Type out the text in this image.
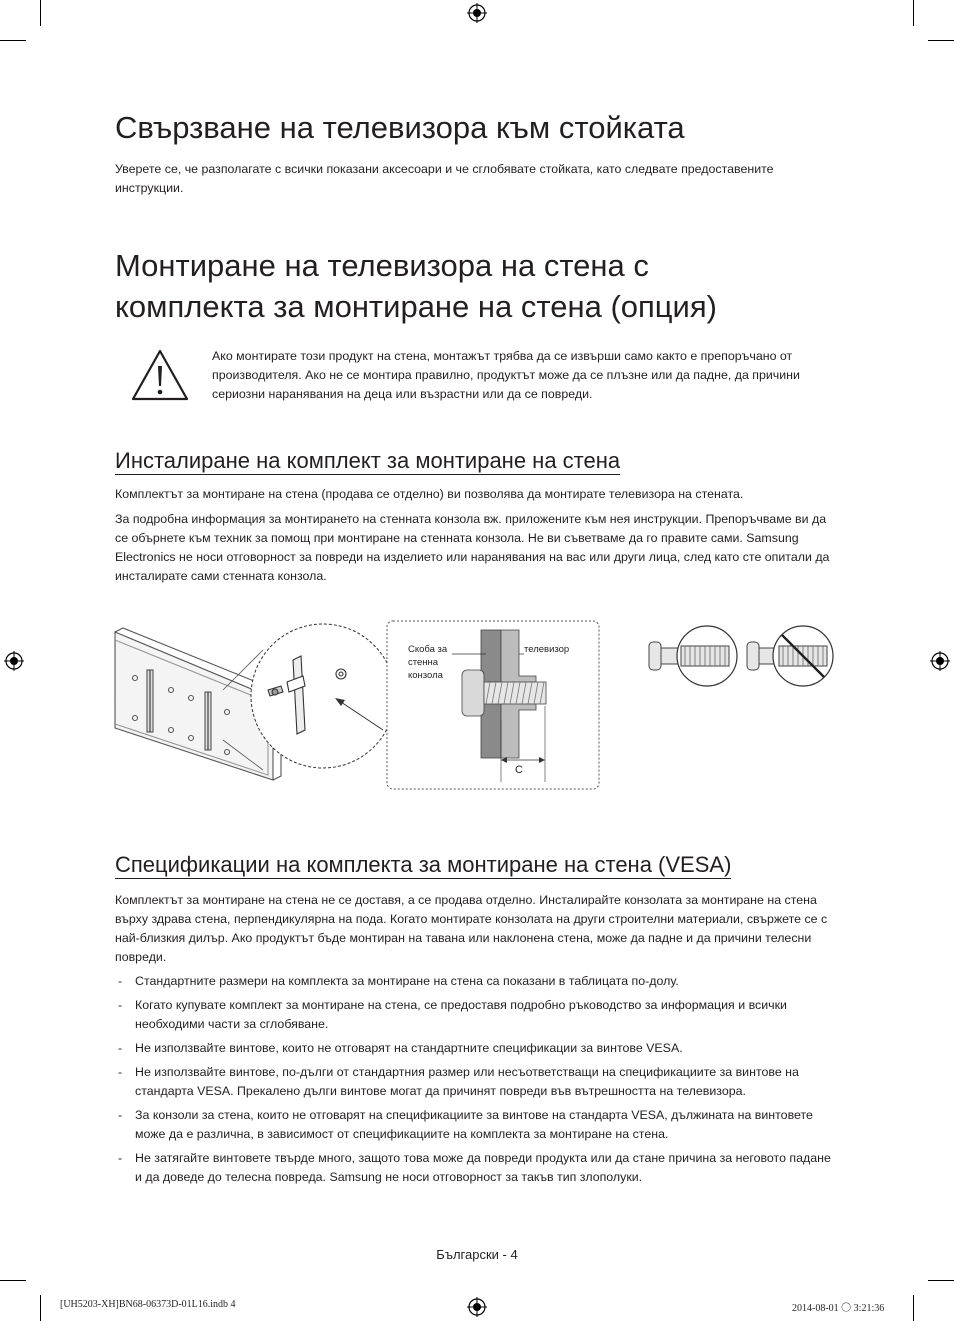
Свързване на телевизора към стойката

Уверете се, че разполагате с всички показани аксесоари и че сглобявате стойката, като следвате предоставените инструкции.

Монтиране на телевизора на стена с
комплекта за монтиране на стена (опция)

Ако монтирате този продукт на стена, монтажът трябва да се извърши само както е препоръчано от производителя. Ако не се монтира правилно, продуктът може да се плъзне или да падне, да причини сериозни наранявания на деца или възрастни или да се повреди.

Инсталиране на комплект за монтиране на стена

Комплектът за монтиране на стена (продава се отделно) ви позволява да монтирате телевизора на стената.

За подробна информация за монтирането на стенната конзола вж. приложените към нея инструкции. Препоръчваме ви да се обърнете към техник за помощ при монтиране на стенната конзола. Не ви съветваме да го правите сами. Samsung Electronics не носи отговорност за повреди на изделието или наранявания на вас или други лица, след като сте опитали да инсталирате сами стенната конзола.

Скоба за
стенна
конзола
телевизор
C
Спецификации на комплекта за монтиране на стена (VESA)

Комплектът за монтиране на стена не се доставя, а се продава отделно. Инсталирайте конзолата за монтиране на стена върху здрава стена, перпендикулярна на пода. Когато монтирате конзолата на други строителни материали, свържете се с най-близкия дилър. Ако продуктът бъде монтиран на тавана или наклонена стена, може да падне и да причини телесни повреди.

- Стандартните размери на комплекта за монтиране на стена са показани в таблицата по-долу.
- Когато купувате комплект за монтиране на стена, се предоставя подробно ръководство за информация и всички необходими части за сглобяване.
- Не използвайте винтове, които не отговарят на стандартните спецификации за винтове VESA.
- Не използвайте винтове, по-дълги от стандартния размер или несъответстващи на спецификациите за винтове на стандарта VESA. Прекалено дълги винтове могат да причинят повреди във вътрешността на телевизора.
- За конзоли за стена, които не отговарят на спецификациите за винтове на стандарта VESA, дължината на винтовете може да е различна, в зависимост от спецификациите на комплекта за монтиране на стена.
- Не затягайте винтовете твърде много, защото това може да повреди продукта или да стане причина за неговото падане и да доведе до телесна повреда. Samsung не носи отговорност за такъв тип злополуки.
Български - 4
[UH5203-XH]BN68-06373D-01L16.indb 4	2014-08-01 〇 3:21:36
